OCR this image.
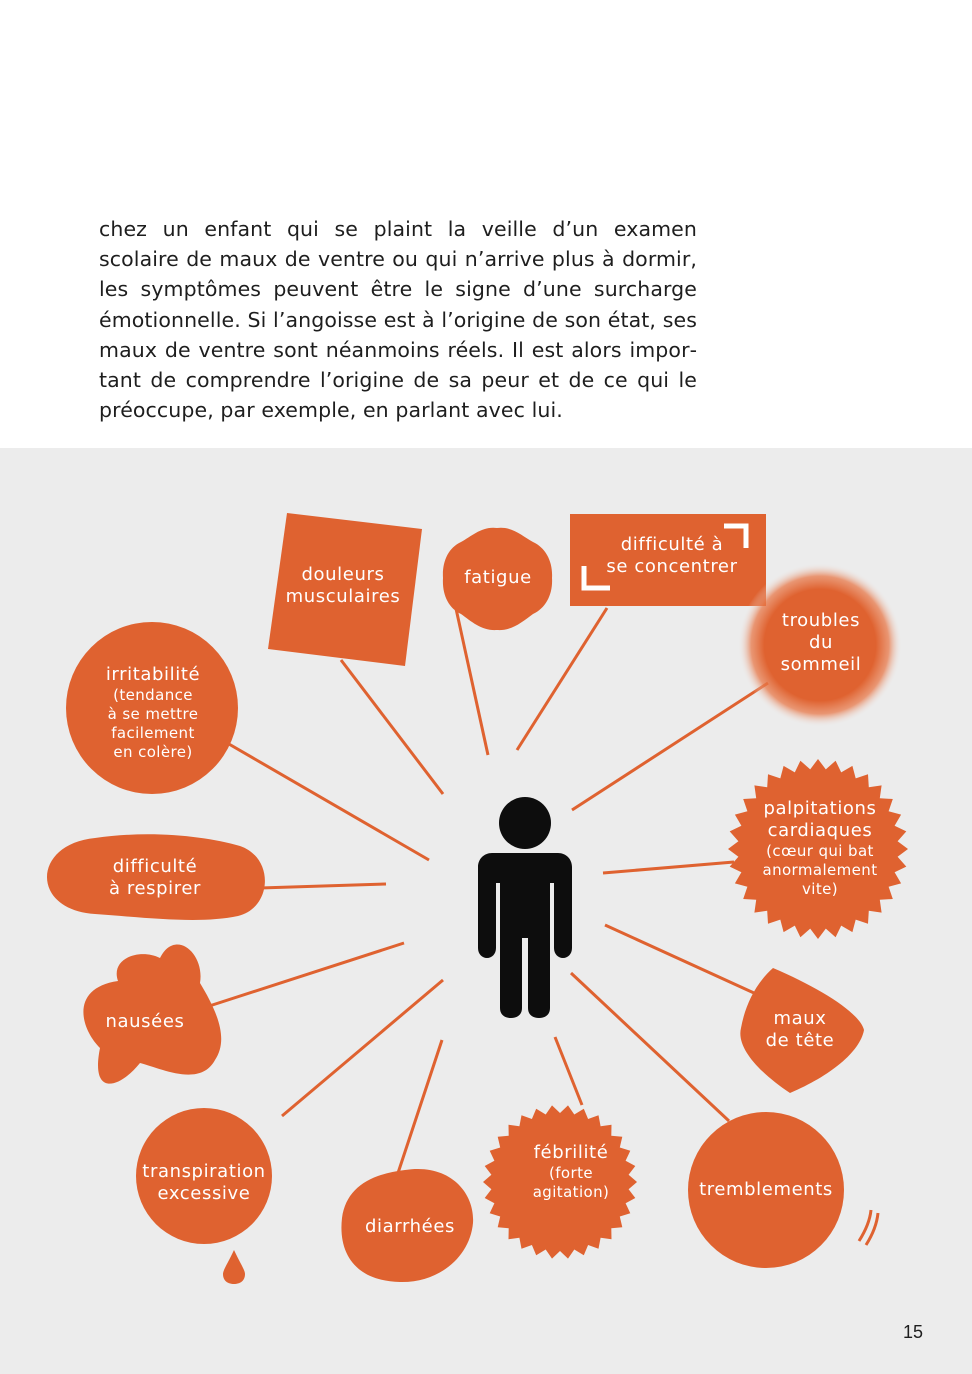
chez un enfant qui se plaint la veille d’un examen scolaire de maux de ventre ou qui n’arrive plus à dormir, les symptômes peuvent être le signe d’une surcharge émotionnelle. Si l’angoisse est à l’origine de son état, ses maux de ventre sont néanmoins réels. Il est alors important de comprendre l’origine de sa peur et de ce qui le préoccupe, par exemple, en parlant avec lui.

douleurs
musculaires
fatigue
difficulté à
se concentrer
troubles
du
sommeil
irritabilité
(tendance
à se mettre
facilement
en colère)
palpitations
cardiaques
(cœur qui bat
anormalement
vite)
difficulté
à respirer
nausées	maux
de tête
transpiration
excessive
diarrhées
fébrilité
(forte
agitation)	tremblements
15
